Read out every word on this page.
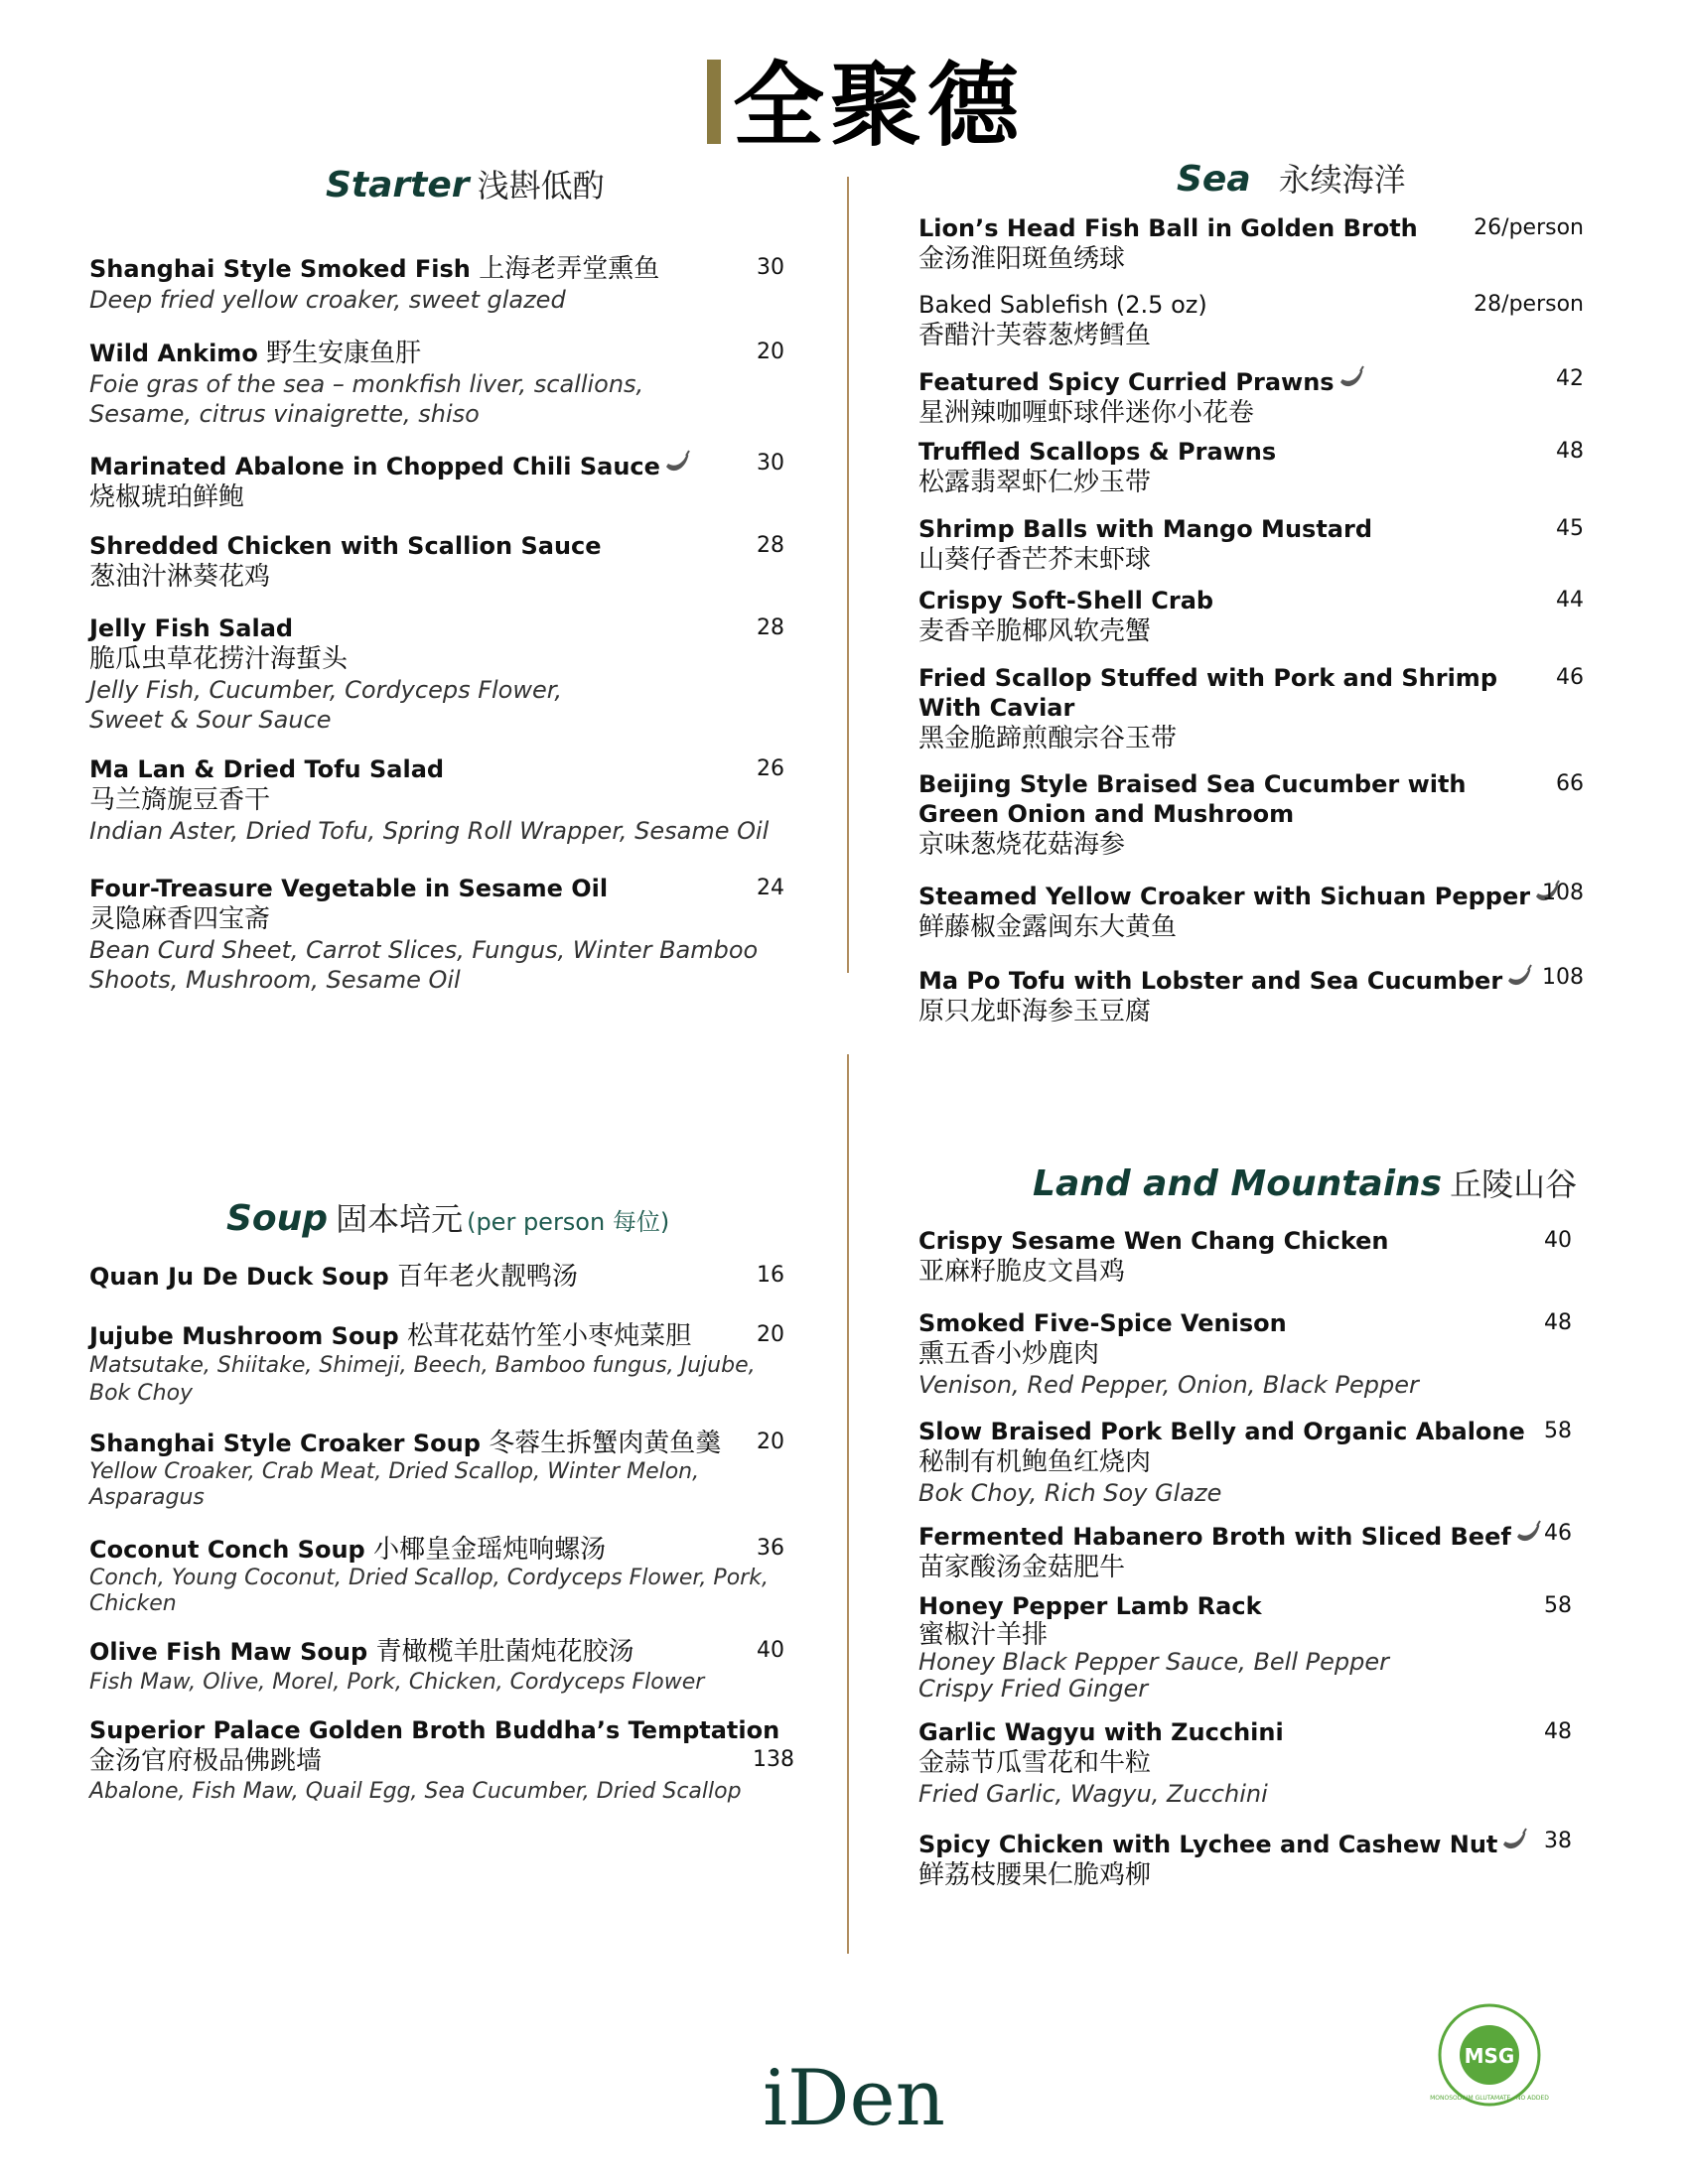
全聚德
Starter 浅斟低酌
Shanghai Style Smoked Fish 上海老弄堂熏鱼
Deep fried yellow croaker, sweet glazed
30
Wild Ankimo 野生安康鱼肝
Foie gras of the sea – monkfish liver, scallions,
Sesame, citrus vinaigrette, shiso
20
Marinated Abalone in Chopped Chili Sauce
烧椒琥珀鲜鲍
30
Shredded Chicken with Scallion Sauce
葱油汁淋葵花鸡
28
Jelly Fish Salad
脆瓜虫草花捞汁海蜇头
Jelly Fish, Cucumber, Cordyceps Flower,
Sweet & Sour Sauce
28
Ma Lan & Dried Tofu Salad
马兰旖旎豆香干
Indian Aster, Dried Tofu, Spring Roll Wrapper, Sesame Oil
26
Four-Treasure Vegetable in Sesame Oil
灵隐麻香四宝斋
Bean Curd Sheet, Carrot Slices, Fungus, Winter Bamboo
Shoots, Mushroom, Sesame Oil
24
Sea 永续海洋
Lion’s Head Fish Ball in Golden Broth
金汤淮阳斑鱼绣球
26/person
Baked Sablefish (2.5 oz)
香醋汁芙蓉葱烤鳕鱼
28/person
Featured Spicy Curried Prawns
星洲辣咖喱虾球伴迷你小花卷
42
Truffled Scallops & Prawns
松露翡翠虾仁炒玉带
48
Shrimp Balls with Mango Mustard
山葵仔香芒芥末虾球
45
Crispy Soft-Shell Crab
麦香辛脆椰风软壳蟹
44
Fried Scallop Stuffed with Pork and Shrimp
With Caviar
黑金脆蹄煎酿宗谷玉带
46
Beijing Style Braised Sea Cucumber with
Green Onion and Mushroom
京味葱烧花菇海参
66
Steamed Yellow Croaker with Sichuan Pepper
鲜藤椒金露闽东大黄鱼
108
Ma Po Tofu with Lobster and Sea Cucumber
原只龙虾海参玉豆腐
108
Soup 固本培元 (per person 每位)
Quan Ju De Duck Soup 百年老火靓鸭汤	16
Jujube Mushroom Soup 松茸花菇竹笙小枣炖菜胆
Matsutake, Shiitake, Shimeji, Beech, Bamboo fungus, Jujube,
Bok Choy
20
Shanghai Style Croaker Soup 冬蓉生拆蟹肉黄鱼羹
Yellow Croaker, Crab Meat, Dried Scallop, Winter Melon,
Asparagus
20
Coconut Conch Soup 小椰皇金瑶炖响螺汤
Conch, Young Coconut, Dried Scallop, Cordyceps Flower, Pork,
Chicken
36
Olive Fish Maw Soup 青橄榄羊肚菌炖花胶汤
Fish Maw, Olive, Morel, Pork, Chicken, Cordyceps Flower
40
Superior Palace Golden Broth Buddha’s Temptation
金汤官府极品佛跳墙
Abalone, Fish Maw, Quail Egg, Sea Cucumber, Dried Scallop
138
Land and Mountains 丘陵山谷
Crispy Sesame Wen Chang Chicken
亚麻籽脆皮文昌鸡
40
Smoked Five-Spice Venison
熏五香小炒鹿肉
Venison, Red Pepper, Onion, Black Pepper
48
Slow Braised Pork Belly and Organic Abalone
秘制有机鲍鱼红烧肉
Bok Choy, Rich Soy Glaze
58
Fermented Habanero Broth with Sliced Beef
苗家酸汤金菇肥牛
46
Honey Pepper Lamb Rack
蜜椒汁羊排
Honey Black Pepper Sauce, Bell Pepper
Crispy Fried Ginger
58
Garlic Wagyu with Zucchini
金蒜节瓜雪花和牛粒
Fried Garlic, Wagyu, Zucchini
48
Spicy Chicken with Lychee and Cashew Nut
鲜荔枝腰果仁脆鸡柳
38
iDen	MSG
MONOSODIUM GLUTAMATE · NO ADDED
